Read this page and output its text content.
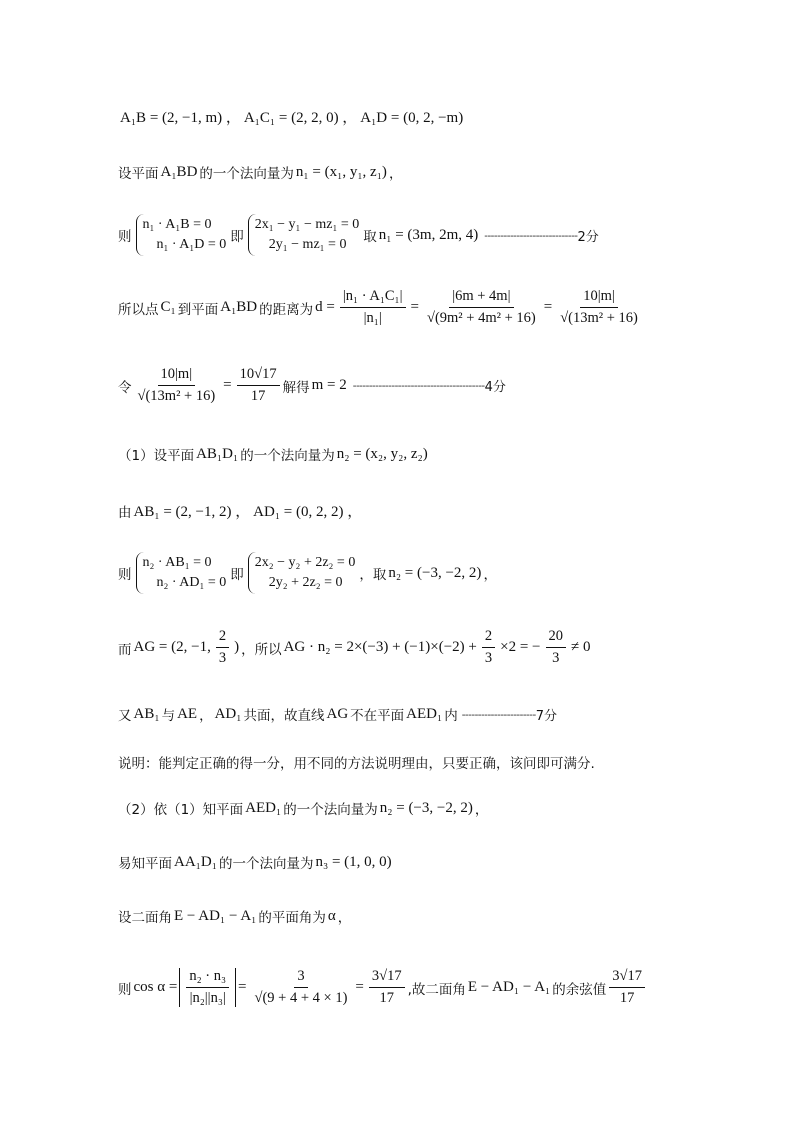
A₁B = (2, −1, m) ， A₁C₁ = (2, 2, 0) ， A₁D = (0, 2, −m)
设平面 A₁BD 的一个法向量为 n₁ = (x₁, y₁, z₁) ，
则
n₁ · A₁B = 0
n₁ · A₁D = 0 即
2x₁ − y₁ − mz₁ = 0
2y₁ − mz₁ = 0	取 n₁ = (3m, 2m, 4) ----------------------------- 2分
所以点 C₁ 到平面 A₁BD 的距离为 $d = \frac{\text{|n₁ · A₁C₁|}}{\text{|n₁|}} = \frac{|6m + 4m|}{\text{√(9m² + 4m² + 16)}} = \frac{10|m|}{\text{√(13m² + 16)}}$
令 $\frac{10|m|}{\text{√(13m² + 16)}} = \frac{10√17}{17}$ 解得 m = 2 ----------------------------------------- 4分
（1）设平面 AB₁D₁ 的一个法向量为 n₂ = (x₂, y₂, z₂)
由 AB₁ = (2, −1, 2) ， AD₁ = (0, 2, 2) ，
则
n₂ · AB₁ = 0
n₂ · AD₁ = 0 即
2x₂ − y₂ + 2z₂ = 0
2y₂ + 2z₂ = 0	，取 n₂ = (−3, −2, 2) ，
而 AG = (2, −1, $\frac{2}{3}$ ) ，所以 AG · $n_2 = 2\times(-3) + (-1)\times(-2) + \frac{2}{3} \times 2$ = − $\frac{20}{3} \ne 0$
又 AB₁ 与 AE ， AD₁ 共面，故直线 AG 不在平面 AED₁ 内 ----------------------- 7分
说明：能判定正确的得一分，用不同的方法说明理由，只要正确，该问即可满分.
（2）依（1）知平面 AED₁ 的一个法向量为 n₂ = (−3, −2, 2) ，
易知平面 AA₁D₁ 的一个法向量为 n₃ = (1, 0, 0)
设二面角 E − AD₁ − A₁ 的平面角为 α ，
则 $\cos \alpha = \frac{\text{n₂ · n₃}}{\text{|n₂||n₃|}} = \frac{3}{√(9 + 4 + 4 \times 1)} = \frac{3√17}{17}$ ,故二面角 E − AD₁ − A₁ 的余弦值 $\frac{3√17}{17}$
